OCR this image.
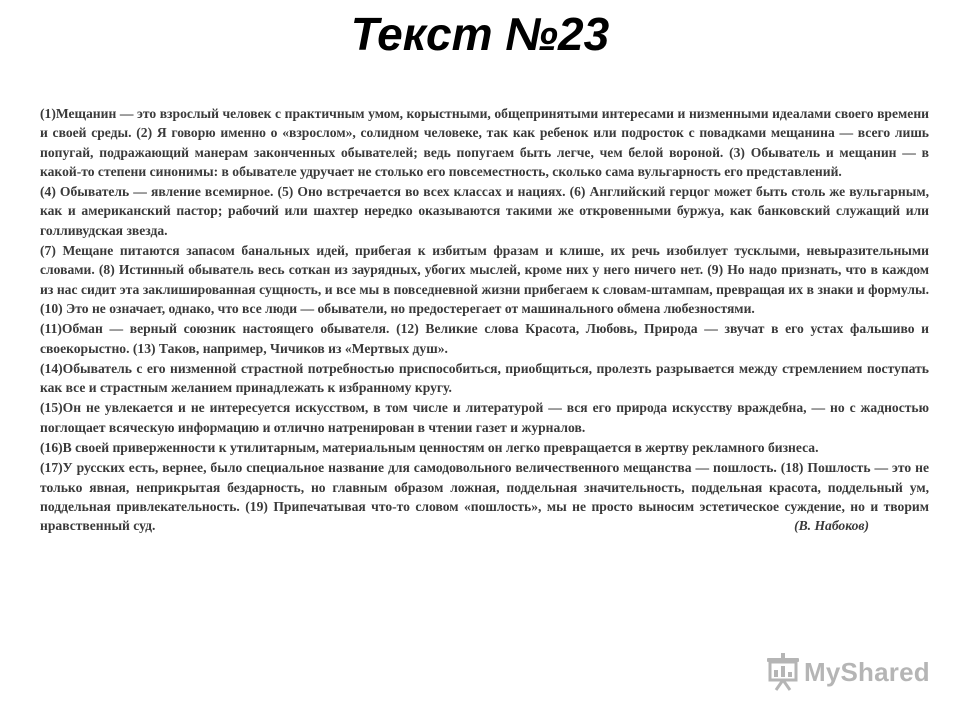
Текст №23

(1)Мещанин — это взрослый человек с практичным умом, корыстными, общепринятыми интересами и низменными идеалами своего времени и своей среды. (2) Я говорю именно о «взрослом», солидном человеке, так как ребенок или подросток с повадками мещанина — всего лишь попугай, подражающий манерам законченных обывателей; ведь попугаем быть легче, чем белой вороной. (3) Обыватель и мещанин — в какой-то степени синонимы: в обывателе удручает не столько его повсеместность, сколько сама вульгарность его представлений.

(4) Обыватель — явление всемирное. (5) Оно встречается во всех классах и нациях. (6) Английский герцог может быть столь же вульгарным, как и американский пастор; рабочий или шахтер нередко оказываются такими же откровенными буржуа, как банковский служащий или голливудская звезда.

(7) Мещане питаются запасом банальных идей, прибегая к избитым фразам и клише, их речь изобилует тусклыми, невыразительными словами. (8) Истинный обыватель весь соткан из заурядных, убогих мыслей, кроме них у него ничего нет. (9) Но надо признать, что в каждом из нас сидит эта заклишированная сущность, и все мы в повседневной жизни прибегаем к словам-штампам, превращая их в знаки и формулы. (10) Это не означает, однако, что все люди — обыватели, но предостерегает от машинального обмена любезностями.

(11)Обман — верный союзник настоящего обывателя. (12) Великие слова Красота, Любовь, Природа — звучат в его устах фальшиво и своекорыстно. (13) Таков, например, Чичиков из «Мертвых душ».

(14)Обыватель с его низменной страстной потребностью приспособиться, приобщиться, пролезть разрывается между стремлением поступать как все и страстным желанием принадлежать к избранному кругу.

(15)Он не увлекается и не интересуется искусством, в том числе и литературой — вся его природа искусству враждебна, — но с жадностью поглощает всяческую информацию и отлично натренирован в чтении газет и журналов.

(16)В своей приверженности к утилитарным, материальным ценностям он легко превращается в жертву рекламного бизнеса.

(17)У русских есть, вернее, было специальное название для самодовольного величественного мещанства — пошлость. (18) Пошлость — это не только явная, неприкрытая бездарность, но главным образом ложная, поддельная значительность, поддельная красота, поддельный ум, поддельная привлекательность. (19) Припечатывая что-то словом «пошлость», мы не просто выносим эстетическое суждение, но и творим нравственный суд.	(В. Набоков)

MyShared
